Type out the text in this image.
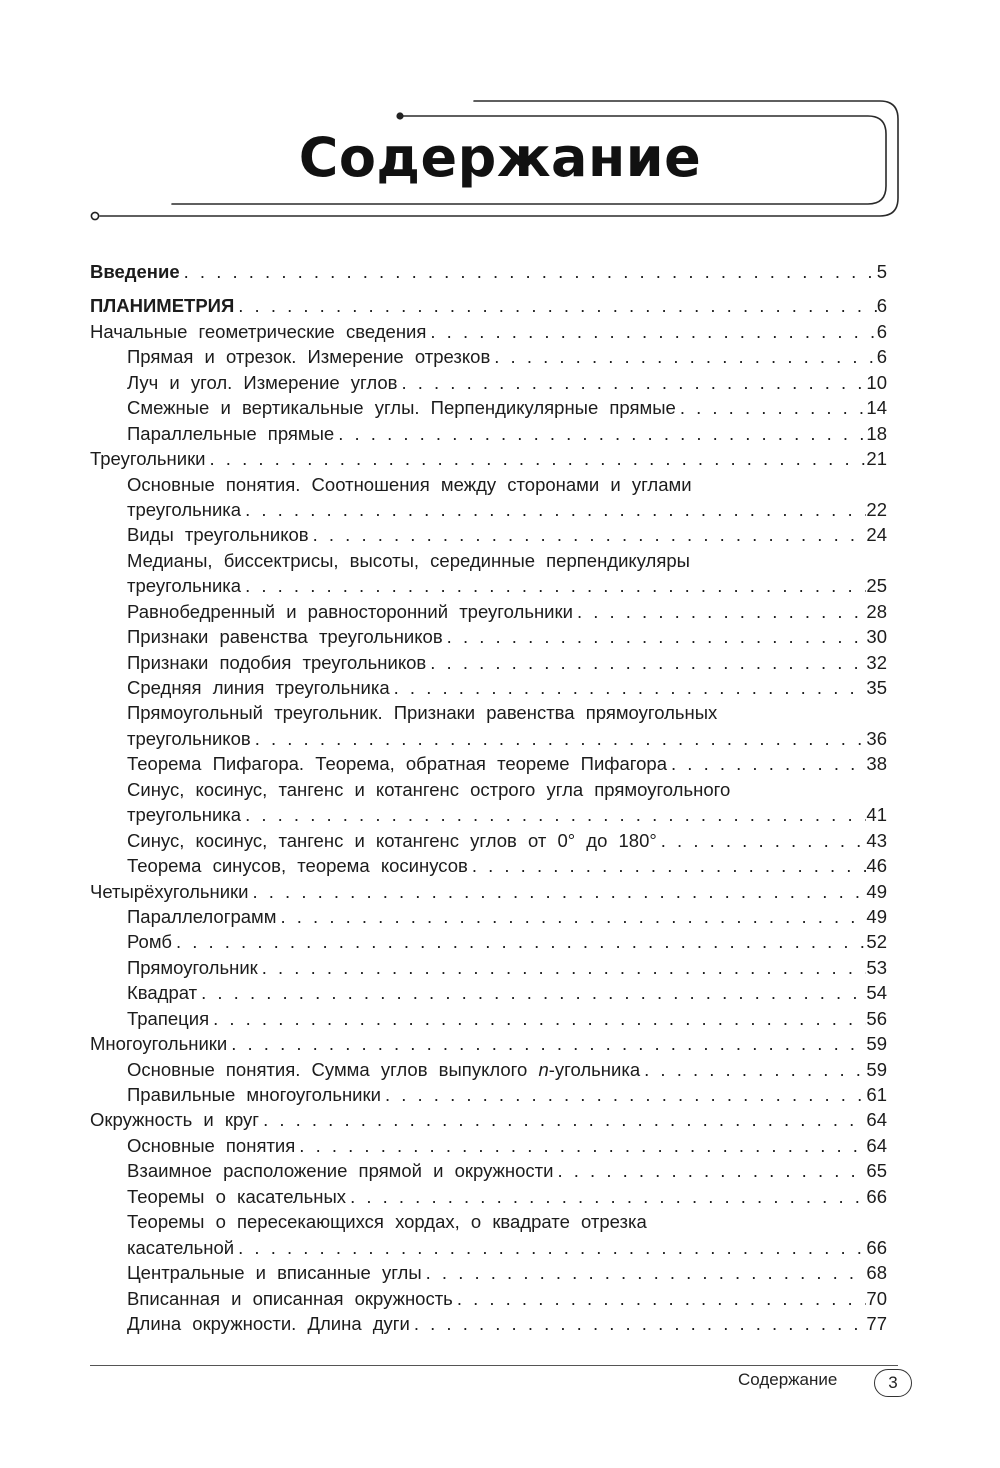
Содержание
Введение . . .	5
ПЛАНИМЕТРИЯ . . .	6
Начальные геометрические сведения . . .	6
Прямая и отрезок. Измерение отрезков . . .	6
Луч и угол. Измерение углов . . .	10
Смежные и вертикальные углы. Перпендикулярные прямые . . .	14
Параллельные прямые . . .	18
Треугольники . . .	21
Основные понятия. Соотношения между сторонами и углами
треугольника . . .	22
Виды треугольников . . .	24
Медианы, биссектрисы, высоты, серединные перпендикуляры
треугольника . . .	25
Равнобедренный и равносторонний треугольники . . .	28
Признаки равенства треугольников . . .	30
Признаки подобия треугольников . . .	32
Средняя линия треугольника . . .	35
Прямоугольный треугольник. Признаки равенства прямоугольных
треугольников . . .	36
Теорема Пифагора. Теорема, обратная теореме Пифагора . . .	38
Синус, косинус, тангенс и котангенс острого угла прямоугольного
треугольника . . .	41
Синус, косинус, тангенс и котангенс углов от 0° до 180° . . .	43
Теорема синусов, теорема косинусов . . .	46
Четырёхугольники . . .	49
Параллелограмм . . .	49
Ромб . . .	52
Прямоугольник . . .	53
Квадрат . . .	54
Трапеция . . .	56
Многоугольники . . .	59
Основные понятия. Сумма углов выпуклого n-угольника . . .	59
Правильные многоугольники . . .	61
Окружность и круг . . .	64
Основные понятия . . .	64
Взаимное расположение прямой и окружности . . .	65
Теоремы о касательных . . .	66
Теоремы о пересекающихся хордах, о квадрате отрезка
касательной . . .	66
Центральные и вписанные углы . . .	68
Вписанная и описанная окружность . . .	70
Длина окружности. Длина дуги . . .	77
Содержание	3
